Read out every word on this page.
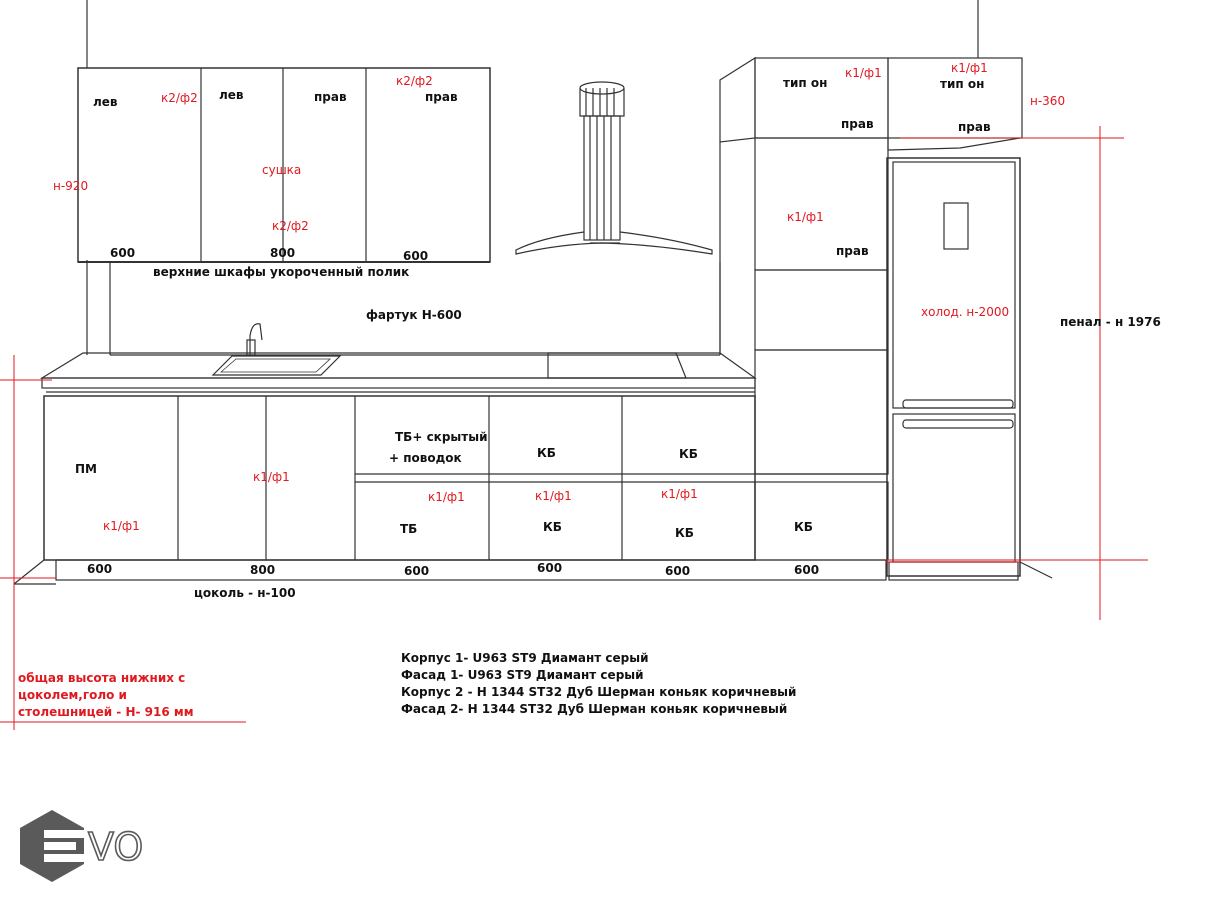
лев	лев	прав	прав
к2/ф2
к2/ф2
к2/ф2
сушка
н-920
600	800	600
верхние шкафы укороченный полик
фартук Н-600
тип он	тип он
к1/ф1	к1/ф1
прав	прав
н-360
к1/ф1
прав
холод. н-2000
пенал - н 1976
ПМ
к1/ф1
к1/ф1
ТБ+ скрытый
+ поводок	КБ	КБ
к1/ф1	к1/ф1	к1/ф1
ТБ	КБ	КБ	КБ
600	800	600	600	600	600
цоколь - н-100
общая высота нижних с
цоколем,голо и
столешницей - Н- 916 мм
Корпус 1- U963 ST9 Диамант серый
Фасад 1- U963 ST9 Диамант серый
Корпус 2 - Н 1344 ST32 Дуб Шерман коньяк коричневый
Фасад 2- Н 1344 ST32 Дуб Шерман коньяк коричневый
VO
